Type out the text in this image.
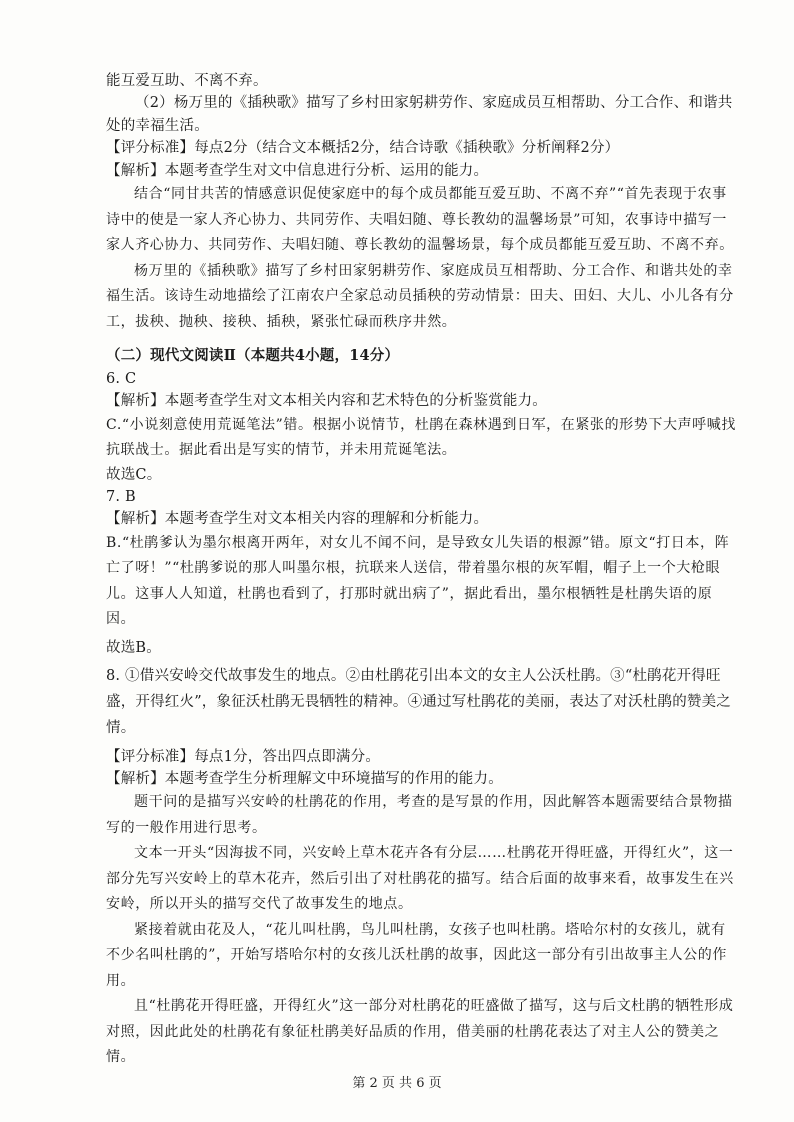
能互爱互助、不离不弃。

（2）杨万里的《插秧歌》描写了乡村田家躬耕劳作、家庭成员互相帮助、分工合作、和谐共处的幸福生活。

【评分标准】每点2分（结合文本概括2分，结合诗歌《插秧歌》分析阐释2分）

【解析】本题考查学生对文中信息进行分析、运用的能力。

结合“同甘共苦的情感意识促使家庭中的每个成员都能互爱互助、不离不弃”“首先表现于农事诗中的使是一家人齐心协力、共同劳作、夫唱妇随、尊长教幼的温馨场景”可知，农事诗中描写一家人齐心协力、共同劳作、夫唱妇随、尊长教幼的温馨场景，每个成员都能互爱互助、不离不弃。

杨万里的《插秧歌》描写了乡村田家躬耕劳作、家庭成员互相帮助、分工合作、和谐共处的幸福生活。该诗生动地描绘了江南农户全家总动员插秧的劳动情景：田夫、田妇、大儿、小儿各有分工，拔秧、抛秧、接秧、插秧，紧张忙碌而秩序井然。

（二）现代文阅读Ⅱ（本题共4小题，14分）

6. C

【解析】本题考查学生对文本相关内容和艺术特色的分析鉴赏能力。

C.“小说刻意使用荒诞笔法”错。根据小说情节，杜鹃在森林遇到日军，在紧张的形势下大声呼喊找抗联战士。据此看出是写实的情节，并未用荒诞笔法。

故选C。

7. B

【解析】本题考查学生对文本相关内容的理解和分析能力。

B.“杜鹃爹认为墨尔根离开两年，对女儿不闻不问，是导致女儿失语的根源”错。原文“打日本，阵亡了呀！”“杜鹃爹说的那人叫墨尔根，抗联来人送信，带着墨尔根的灰军帽，帽子上一个大枪眼儿。这事人人知道，杜鹃也看到了，打那时就出病了”，据此看出，墨尔根牺牲是杜鹃失语的原因。

故选B。

8. ①借兴安岭交代故事发生的地点。②由杜鹃花引出本文的女主人公沃杜鹃。③“杜鹃花开得旺盛，开得红火”，象征沃杜鹃无畏牺牲的精神。④通过写杜鹃花的美丽，表达了对沃杜鹃的赞美之情。

【评分标准】每点1分，答出四点即满分。

【解析】本题考查学生分析理解文中环境描写的作用的能力。

题干问的是描写兴安岭的杜鹃花的作用，考查的是写景的作用，因此解答本题需要结合景物描写的一般作用进行思考。

文本一开头“因海拔不同，兴安岭上草木花卉各有分层……杜鹃花开得旺盛，开得红火”，这一部分先写兴安岭上的草木花卉，然后引出了对杜鹃花的描写。结合后面的故事来看，故事发生在兴安岭，所以开头的描写交代了故事发生的地点。

紧接着就由花及人，“花儿叫杜鹃，鸟儿叫杜鹃，女孩子也叫杜鹃。塔哈尔村的女孩儿，就有不少名叫杜鹃的”，开始写塔哈尔村的女孩儿沃杜鹃的故事，因此这一部分有引出故事主人公的作用。

且“杜鹃花开得旺盛，开得红火”这一部分对杜鹃花的旺盛做了描写，这与后文杜鹃的牺牲形成对照，因此此处的杜鹃花有象征杜鹃美好品质的作用，借美丽的杜鹃花表达了对主人公的赞美之情。

第 2 页 共 6 页
